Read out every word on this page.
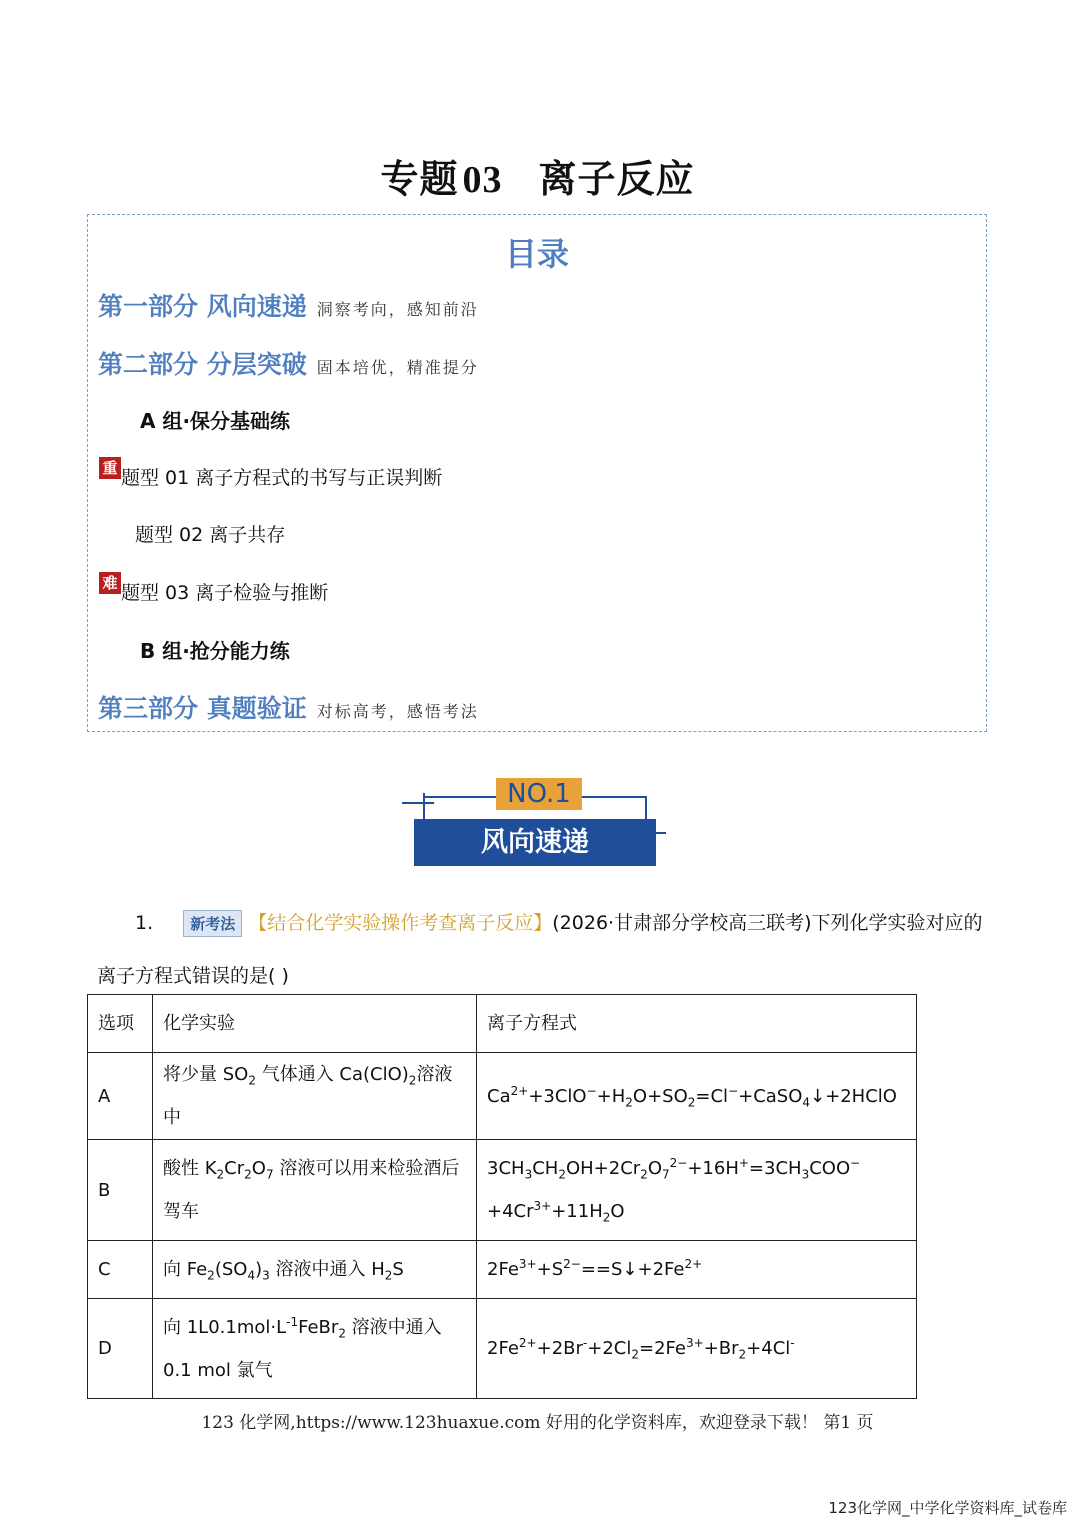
专题 03 离子反应
目录
第一部分 风向速递 洞察考向，感知前沿
第二部分 分层突破 固本培优，精准提分
A 组·保分基础练
重 题型 01 离子方程式的书写与正误判断
题型 02 离子共存
难 题型 03 离子检验与推断
B 组·抢分能力练
第三部分 真题验证 对标高考，感悟考法
NO.1
风向速递
1. 新考法 【结合化学实验操作考查离子反应】(2026·甘肃部分学校高三联考)下列化学实验对应的
离子方程式错误的是( )
选项	化学实验	离子方程式
A	将少量 $SO_2$ 气体通入 $Ca(ClO)_2$溶液中	$Ca^{2+}+3ClO^-+H_2O+SO_2=Cl^-+CaSO_4↓+2HClO$
B	酸性 $K_2Cr_2O_7$ 溶液可以用来检验酒后驾车	$3CH_3CH_2OH+2Cr_2O_7^{2-}+16H^+=3CH_3COO^-+4Cr^{3+}+11H_2O$
C	向 $Fe_2(SO_4)_3$ 溶液中通入 $H_2S$	$2Fe^{3+}+S^{2-}==S↓+2Fe^{2+}$
D	向 $1L0.1mol\cdot L^{-1}FeBr_2$ 溶液中通入 0.1 mol 氯气	$2Fe^{2+}+2Br^-+2Cl_2=2Fe^{3+}+Br_2+4Cl^-$
123 化学网,https://www.123huaxue.com 好用的化学资料库，欢迎登录下载！ 第1 页
123化学网_中学化学资料库_试卷库
